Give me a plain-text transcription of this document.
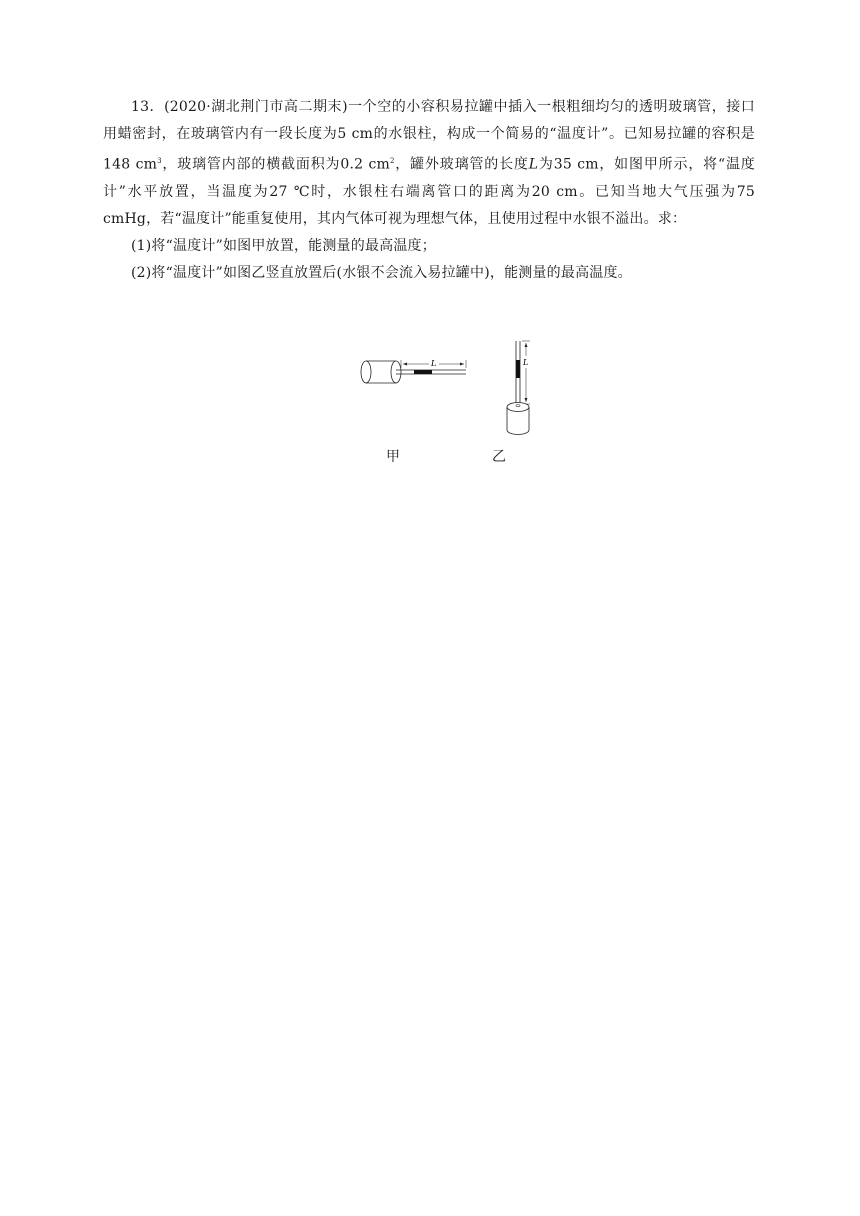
13．(2020·湖北荆门市高二期末)一个空的小容积易拉罐中插入一根粗细均匀的透明玻璃管，接口用蜡密封，在玻璃管内有一段长度为5 cm的水银柱，构成一个简易的“温度计”。已知易拉罐的容积是148 $cm^3$，玻璃管内部的横截面积为0.2 $cm^2$，罐外玻璃管的长度L为35 cm，如图甲所示，将“温度计”水平放置，当温度为27 ℃时，水银柱右端离管口的距离为20 cm。已知当地大气压强为75 cmHg，若“温度计”能重复使用，其内气体可视为理想气体，且使用过程中水银不溢出。求：

(1)将“温度计”如图甲放置，能测量的最高温度；

(2)将“温度计”如图乙竖直放置后(水银不会流入易拉罐中)，能测量的最高温度。

L	L
甲	乙
